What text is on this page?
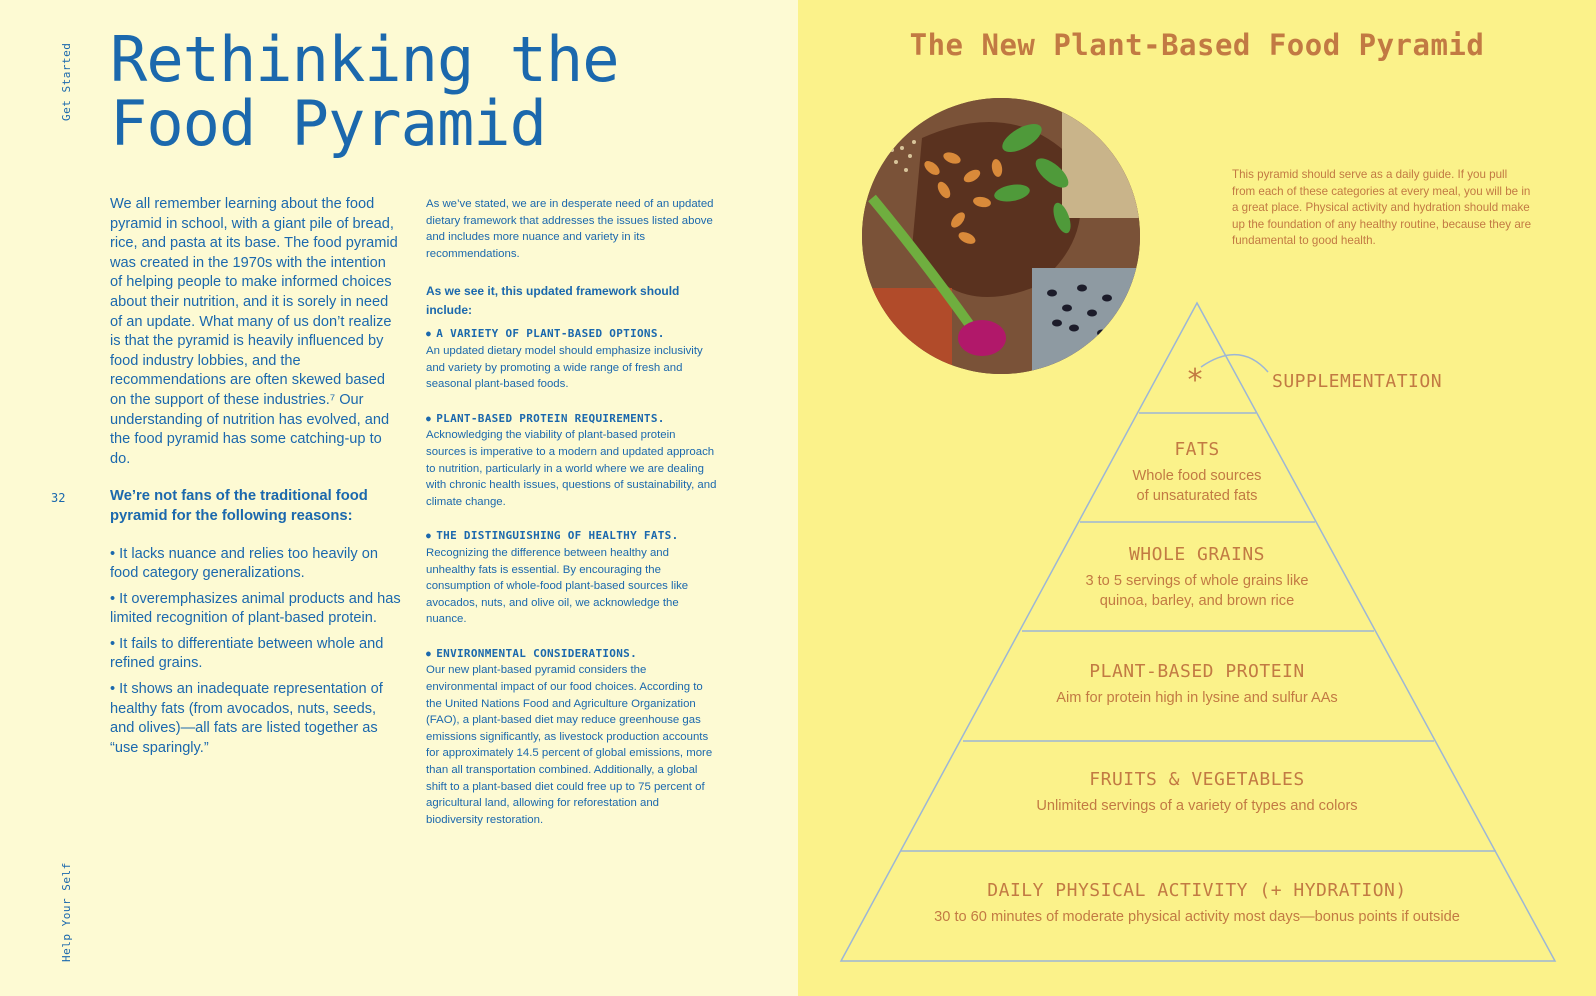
Get Started
Help Your Self
32
Rethinking the
Food Pyramid

We all remember learning about the food pyramid in school, with a giant pile of bread, rice, and pasta at its base. The food pyramid was created in the 1970s with the intention of helping people to make informed choices about their nutrition, and it is sorely in need of an update. What many of us don’t realize is that the pyramid is heavily influenced by food industry lobbies, and the recommendations are often skewed based on the support of these industries.⁷ Our understanding of nutrition has evolved, and the food pyramid has some catching-up to do.

We’re not fans of the traditional food pyramid for the following reasons:

• It lacks nuance and relies too heavily on food category generalizations.
• It overemphasizes animal products and has limited recognition of plant-based protein.
• It fails to differentiate between whole and refined grains.
• It shows an inadequate representation of healthy fats (from avocados, nuts, seeds, and olives)—all fats are listed together as “use sparingly.”

As we’ve stated, we are in desperate need of an updated dietary framework that addresses the issues listed above and includes more nuance and variety in its recommendations.

As we see it, this updated framework should include:

● A VARIETY OF PLANT-BASED OPTIONS.
An updated dietary model should emphasize inclusivity and variety by promoting a wide range of fresh and seasonal plant-based foods.
● PLANT-BASED PROTEIN REQUIREMENTS.
Acknowledging the viability of plant-based protein sources is imperative to a modern and updated approach to nutrition, particularly in a world where we are dealing with chronic health issues, questions of sustainability, and climate change.
● THE DISTINGUISHING OF HEALTHY FATS.
Recognizing the difference between healthy and unhealthy fats is essential. By encouraging the consumption of whole-food plant-based sources like avocados, nuts, and olive oil, we acknowledge the nuance.
● ENVIRONMENTAL CONSIDERATIONS.
Our new plant-based pyramid considers the environmental impact of our food choices. According to the United Nations Food and Agriculture Organization (FAO), a plant-based diet may reduce greenhouse gas emissions significantly, as livestock production accounts for approximately 14.5 percent of global emissions, more than all transportation combined. Additionally, a global shift to a plant-based diet could free up to 75 percent of agricultural land, allowing for reforestation and biodiversity restoration.
The New Plant-Based Food Pyramid
This pyramid should serve as a daily guide. If you pull from each of these categories at every meal, you will be in a great place. Physical activity and hydration should make up the foundation of any healthy routine, because they are fundamental to good health.
*	SUPPLEMENTATION
FATS
Whole food sources
of unsaturated fats
WHOLE GRAINS
3 to 5 servings of whole grains like
quinoa, barley, and brown rice
PLANT-BASED PROTEIN
Aim for protein high in lysine and sulfur AAs
FRUITS & VEGETABLES
Unlimited servings of a variety of types and colors
DAILY PHYSICAL ACTIVITY (+ HYDRATION)
30 to 60 minutes of moderate physical activity most days—bonus points if outside
